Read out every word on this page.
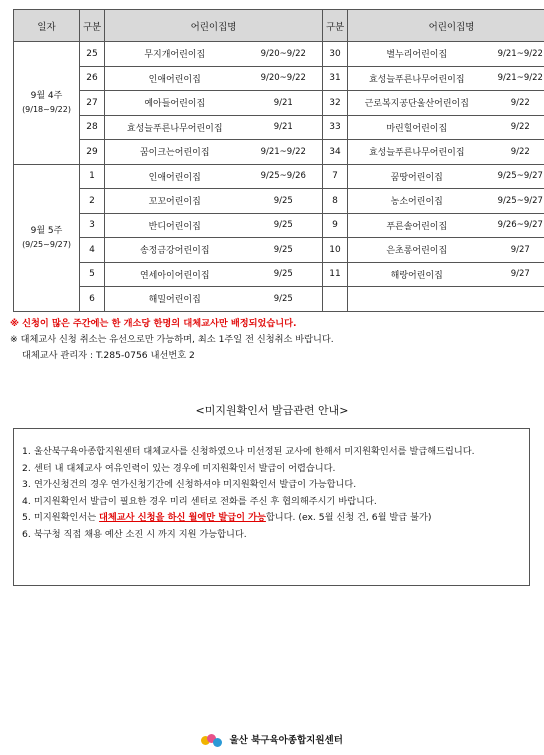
일자	구분	어린이집명		구분	어린이집명	

9월 4주
(9/18~9/22)	25	무지개어린이집	9/20~9/22	30	별누리어린이집	9/21~9/22
	26	인애어린이집	9/20~9/22	31	효성늘푸른나무어린이집	9/21~9/22
	27	예아들어린이집	9/21	32	근로복지공단울산어린이집	9/22
	28	효성늘푸른나무어린이집	9/21	33	마린힐어린이집	9/22
	29	꿈이크는어린이집	9/21~9/22	34	효성늘푸른나무어린이집	9/22

9월 5주
(9/25~9/27)	1	인애어린이집	9/25~9/26	7	꿈땅어린이집	9/25~9/27
	2	꼬꼬어린이집	9/25	8	농소어린이집	9/25~9/27
	3	반디어린이집	9/25	9	푸른솔어린이집	9/26~9/27
	4	송정금강어린이집	9/25	10	은초롱어린이집	9/27
	5	연세아이어린이집	9/25	11	해랑어린이집	9/27
	6	해밀어린이집	9/25			
※ 신청이 많은 주간에는 한 개소당 한명의 대체교사만 배정되었습니다.
※ 대체교사 신청 취소는 유선으로만 가능하며, 최소 1주일 전 신청취소 바랍니다.
대체교사 관리자 : T.285-0756 내선번호 2
<미지원확인서 발급관련 안내>
1. 울산북구육아종합지원센터 대체교사를 신청하였으나 미선정된 교사에 한해서 미지원확인서를 발급해드립니다.
2. 센터 내 대체교사 여유인력이 있는 경우에 미지원확인서 발급이 어렵습니다.
3. 연가신청건의 경우 연가신청기간에 신청하셔야 미지원확인서 발급이 가능합니다.
4. 미지원확인서 발급이 필요한 경우 미리 센터로 전화를 주신 후 협의해주시기 바랍니다.
5. 미지원확인서는 대체교사 신청을 하신 월에만 발급이 가능합니다. (ex. 5월 신청 건, 6월 발급 불가)
6. 북구청 직접 채용 예산 소진 시 까지 지원 가능합니다.
울산 북구육아종합지원센터
